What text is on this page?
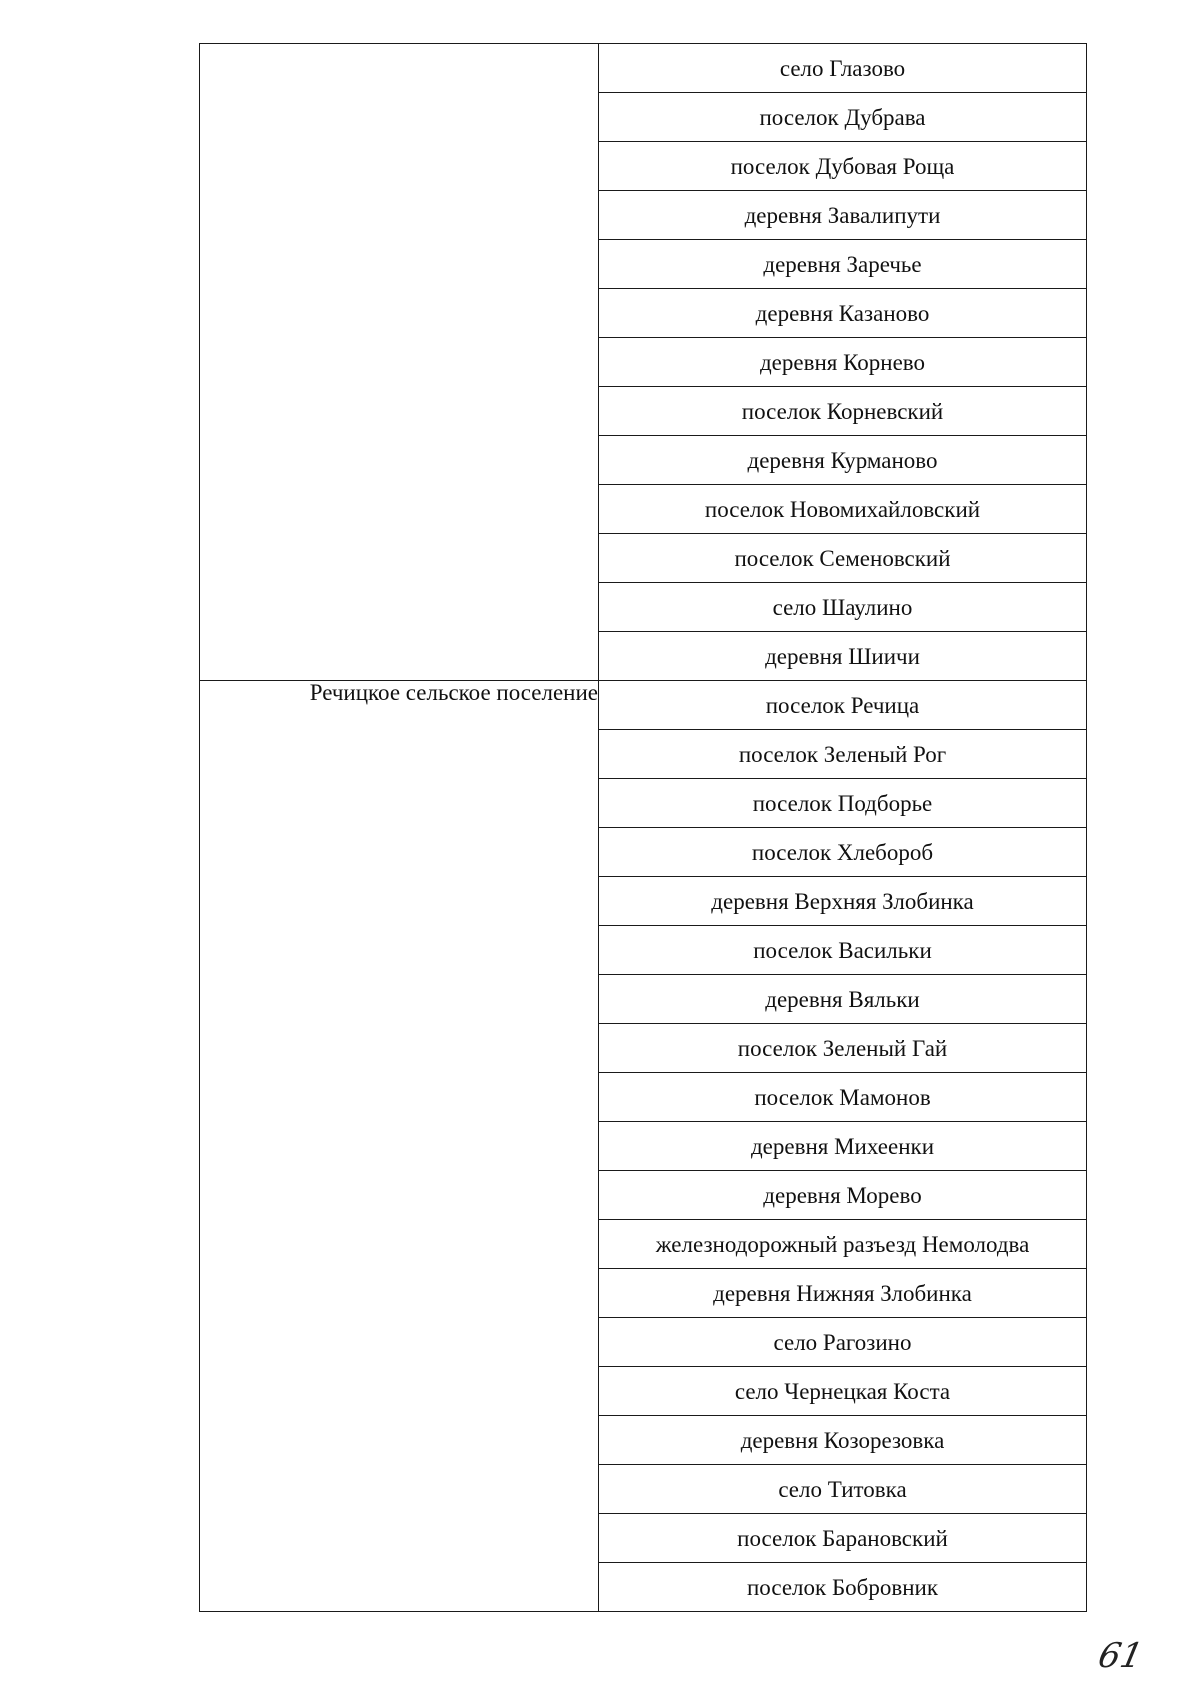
	село Глазово
	поселок Дубрава
	поселок Дубовая Роща
	деревня Завалипути
	деревня Заречье
	деревня Казаново
	деревня Корнево
	поселок Корневский
	деревня Курманово
	поселок Новомихайловский
	поселок Семеновский
	село Шаулино
	деревня Шиичи
Речицкое сельское поселение	поселок Речица
	поселок Зеленый Рог
	поселок Подборье
	поселок Хлебороб
	деревня Верхняя Злобинка
	поселок Васильки
	деревня Вяльки
	поселок Зеленый Гай
	поселок Мамонов
	деревня Михеенки
	деревня Морево
	железнодорожный разъезд Немолодва
	деревня Нижняя Злобинка
	село Рагозино
	село Чернецкая Коста
	деревня Козорезовка
	село Титовка
	поселок Барановский
	поселок Бобровник
61
